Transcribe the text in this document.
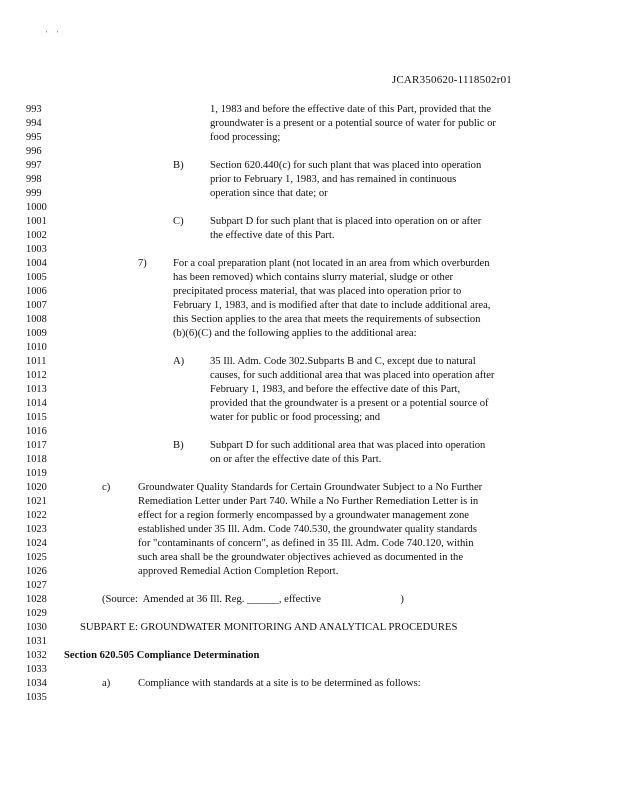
' '
JCAR350620-1118502r01
993	1, 1983 and before the effective date of this Part, provided that the
994	groundwater is a present or a potential source of water for public or
995	food processing;
996
997	B) Section 620.440(c) for such plant that was placed into operation
998	prior to February 1, 1983, and has remained in continuous
999	operation since that date; or
1000
1001	C) Subpart D for such plant that is placed into operation on or after
1002	the effective date of this Part.
1003
1004	7) For a coal preparation plant (not located in an area from which overburden
1005	has been removed) which contains slurry material, sludge or other
1006	precipitated process material, that was placed into operation prior to
1007	February 1, 1983, and is modified after that date to include additional area,
1008	this Section applies to the area that meets the requirements of subsection
1009	(b)(6)(C) and the following applies to the additional area:
1010
1011	A) 35 Ill. Adm. Code 302.Subparts B and C, except due to natural
1012	causes, for such additional area that was placed into operation after
1013	February 1, 1983, and before the effective date of this Part,
1014	provided that the groundwater is a present or a potential source of
1015	water for public or food processing; and
1016
1017	B) Subpart D for such additional area that was placed into operation
1018	on or after the effective date of this Part.
1019
1020	c)	Groundwater Quality Standards for Certain Groundwater Subject to a No Further
1021	Remediation Letter under Part 740. While a No Further Remediation Letter is in
1022	effect for a region formerly encompassed by a groundwater management zone
1023	established under 35 Ill. Adm. Code 740.530, the groundwater quality standards
1024	for "contaminants of concern", as defined in 35 Ill. Adm. Code 740.120, within
1025	such area shall be the groundwater objectives achieved as documented in the
1026	approved Remedial Action Completion Report.
1027
1028	(Source:  Amended at 36 Ill. Reg. ______, effective                              )
1029
1030	SUBPART E: GROUNDWATER MONITORING AND ANALYTICAL PROCEDURES
1031
1032	Section 620.505 Compliance Determination
1033
1034	a)	Compliance with standards at a site is to be determined as follows:
1035
